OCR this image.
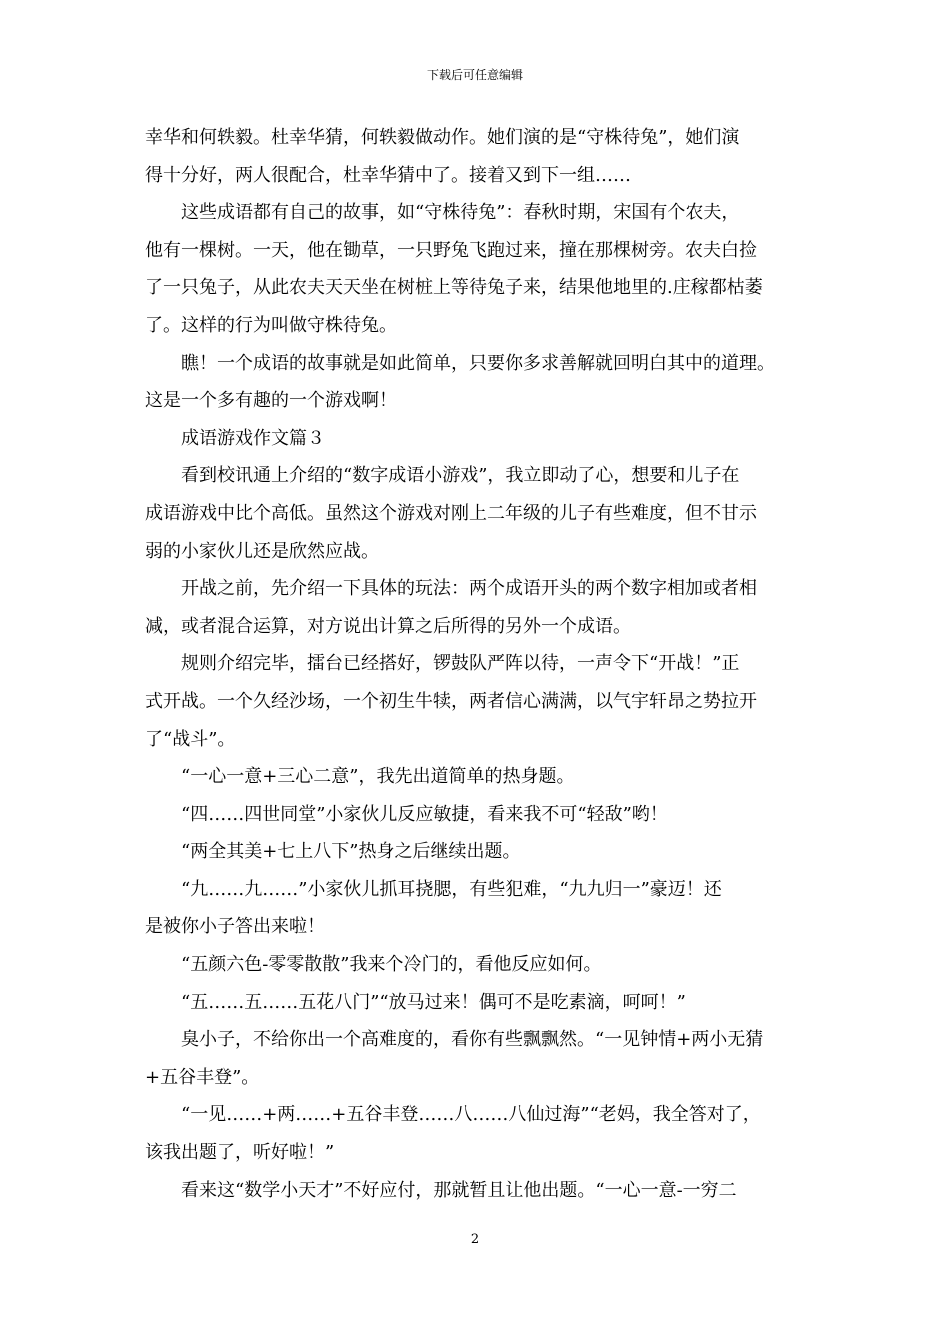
下载后可任意编辑
幸华和何轶毅。杜幸华猜，何轶毅做动作。她们演的是“守株待兔”，她们演
得十分好，两人很配合，杜幸华猜中了。接着又到下一组……
这些成语都有自己的故事，如“守株待兔”：春秋时期，宋国有个农夫，
他有一棵树。一天，他在锄草，一只野兔飞跑过来，撞在那棵树旁。农夫白捡
了一只兔子，从此农夫天天坐在树桩上等待兔子来，结果他地里的.庄稼都枯萎
了。这样的行为叫做守株待兔。
瞧！一个成语的故事就是如此简单，只要你多求善解就回明白其中的道理。
这是一个多有趣的一个游戏啊！
成语游戏作文篇３
看到校讯通上介绍的“数字成语小游戏”，我立即动了心，想要和儿子在
成语游戏中比个高低。虽然这个游戏对刚上二年级的儿子有些难度，但不甘示
弱的小家伙儿还是欣然应战。
开战之前，先介绍一下具体的玩法：两个成语开头的两个数字相加或者相
减，或者混合运算，对方说出计算之后所得的另外一个成语。
规则介绍完毕，擂台已经搭好，锣鼓队严阵以待，一声令下“开战！”正
式开战。一个久经沙场，一个初生牛犊，两者信心满满，以气宇轩昂之势拉开
了“战斗”。
“一心一意+三心二意”，我先出道简单的热身题。
“四……四世同堂”小家伙儿反应敏捷，看来我不可“轻敌”哟！
“两全其美+七上八下”热身之后继续出题。
“九……九……”小家伙儿抓耳挠腮，有些犯难，“九九归一”豪迈！还
是被你小子答出来啦！
“五颜六色-零零散散”我来个冷门的，看他反应如何。
“五……五……五花八门”“放马过来！偶可不是吃素滴，呵呵！”
臭小子，不给你出一个高难度的，看你有些飘飘然。“一见钟情+两小无猜
+五谷丰登”。
“一见……+两……+五谷丰登……八……八仙过海”“老妈，我全答对了，
该我出题了，听好啦！”
看来这“数学小天才”不好应付，那就暂且让他出题。“一心一意-一穷二
2
